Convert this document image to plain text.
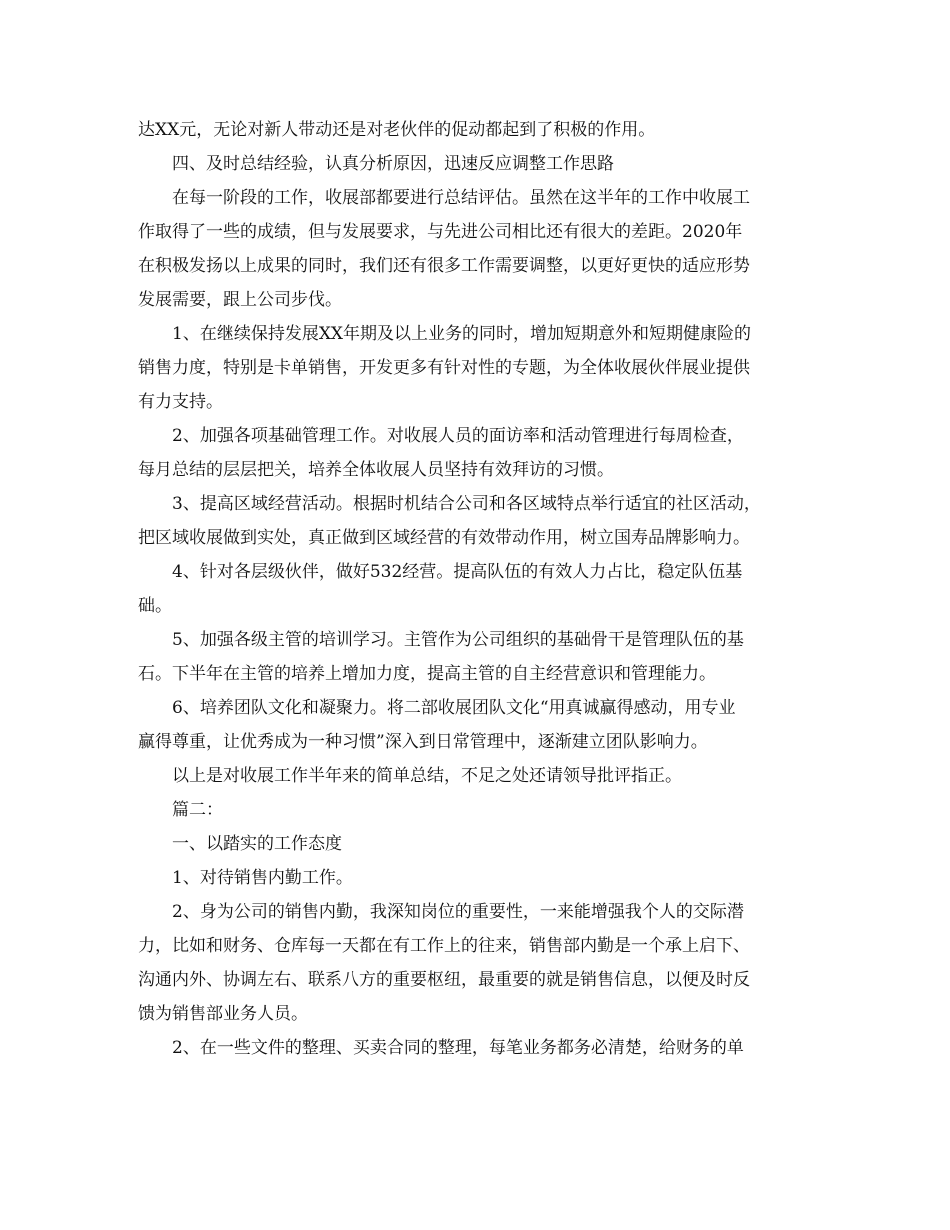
达XX元，无论对新人带动还是对老伙伴的促动都起到了积极的作用。
四、及时总结经验，认真分析原因，迅速反应调整工作思路
在每一阶段的工作，收展部都要进行总结评估。虽然在这半年的工作中收展工
作取得了一些的成绩，但与发展要求，与先进公司相比还有很大的差距。2020年
在积极发扬以上成果的同时，我们还有很多工作需要调整，以更好更快的适应形势
发展需要，跟上公司步伐。
1、在继续保持发展XX年期及以上业务的同时，增加短期意外和短期健康险的
销售力度，特别是卡单销售，开发更多有针对性的专题，为全体收展伙伴展业提供
有力支持。
2、加强各项基础管理工作。对收展人员的面访率和活动管理进行每周检查，
每月总结的层层把关，培养全体收展人员坚持有效拜访的习惯。
3、提高区域经营活动。根据时机结合公司和各区域特点举行适宜的社区活动，
把区域收展做到实处，真正做到区域经营的有效带动作用，树立国寿品牌影响力。
4、针对各层级伙伴，做好532经营。提高队伍的有效人力占比，稳定队伍基
础。
5、加强各级主管的培训学习。主管作为公司组织的基础骨干是管理队伍的基
石。下半年在主管的培养上增加力度，提高主管的自主经营意识和管理能力。
6、培养团队文化和凝聚力。将二部收展团队文化“用真诚赢得感动，用专业
赢得尊重，让优秀成为一种习惯”深入到日常管理中，逐渐建立团队影响力。
以上是对收展工作半年来的简单总结，不足之处还请领导批评指正。
篇二：
一、以踏实的工作态度
1、对待销售内勤工作。
2、身为公司的销售内勤，我深知岗位的重要性，一来能增强我个人的交际潜
力，比如和财务、仓库每一天都在有工作上的往来，销售部内勤是一个承上启下、
沟通内外、协调左右、联系八方的重要枢纽，最重要的就是销售信息，以便及时反
馈为销售部业务人员。
2、在一些文件的整理、买卖合同的整理，每笔业务都务必清楚，给财务的单
